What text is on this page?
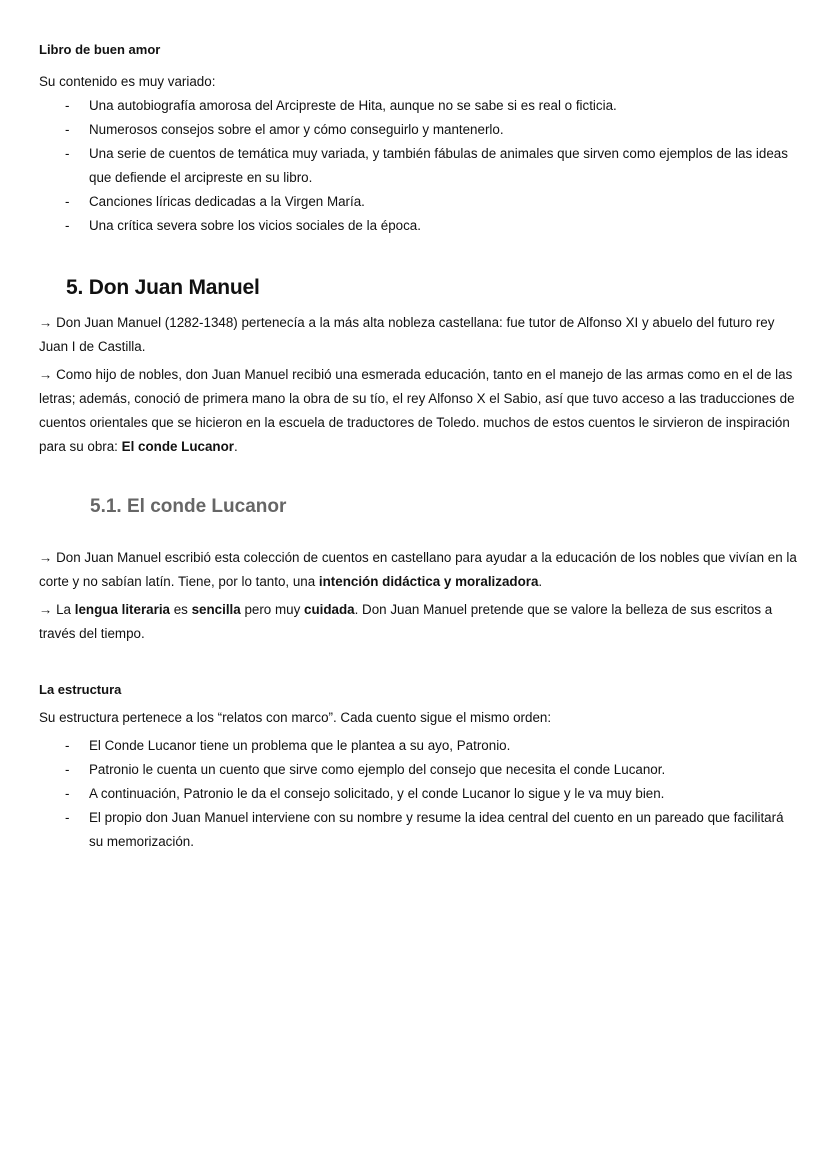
Libro de buen amor
Su contenido es muy variado:
- Una autobiografía amorosa del Arcipreste de Hita, aunque no se sabe si es real o ficticia.
- Numerosos consejos sobre el amor y cómo conseguirlo y mantenerlo.
- Una serie de cuentos de temática muy variada, y también fábulas de animales que sirven como ejemplos de las ideas que defiende el arcipreste en su libro.
- Canciones líricas dedicadas a la Virgen María.
- Una crítica severa sobre los vicios sociales de la época.
5. Don Juan Manuel
→ Don Juan Manuel (1282-1348) pertenecía a la más alta nobleza castellana: fue tutor de Alfonso XI y abuelo del futuro rey Juan I de Castilla.
→ Como hijo de nobles, don Juan Manuel recibió una esmerada educación, tanto en el manejo de las armas como en el de las letras; además, conoció de primera mano la obra de su tío, el rey Alfonso X el Sabio, así que tuvo acceso a las traducciones de cuentos orientales que se hicieron en la escuela de traductores de Toledo. muchos de estos cuentos le sirvieron de inspiración para su obra: El conde Lucanor.
5.1. El conde Lucanor
→ Don Juan Manuel escribió esta colección de cuentos en castellano para ayudar a la educación de los nobles que vivían en la corte y no sabían latín. Tiene, por lo tanto, una intención didáctica y moralizadora.
→ La lengua literaria es sencilla pero muy cuidada. Don Juan Manuel pretende que se valore la belleza de sus escritos a través del tiempo.
La estructura
Su estructura pertenece a los “relatos con marco”. Cada cuento sigue el mismo orden:
- El Conde Lucanor tiene un problema que le plantea a su ayo, Patronio.
- Patronio le cuenta un cuento que sirve como ejemplo del consejo que necesita el conde Lucanor.
- A continuación, Patronio le da el consejo solicitado, y el conde Lucanor lo sigue y le va muy bien.
- El propio don Juan Manuel interviene con su nombre y resume la idea central del cuento en un pareado que facilitará su memorización.
